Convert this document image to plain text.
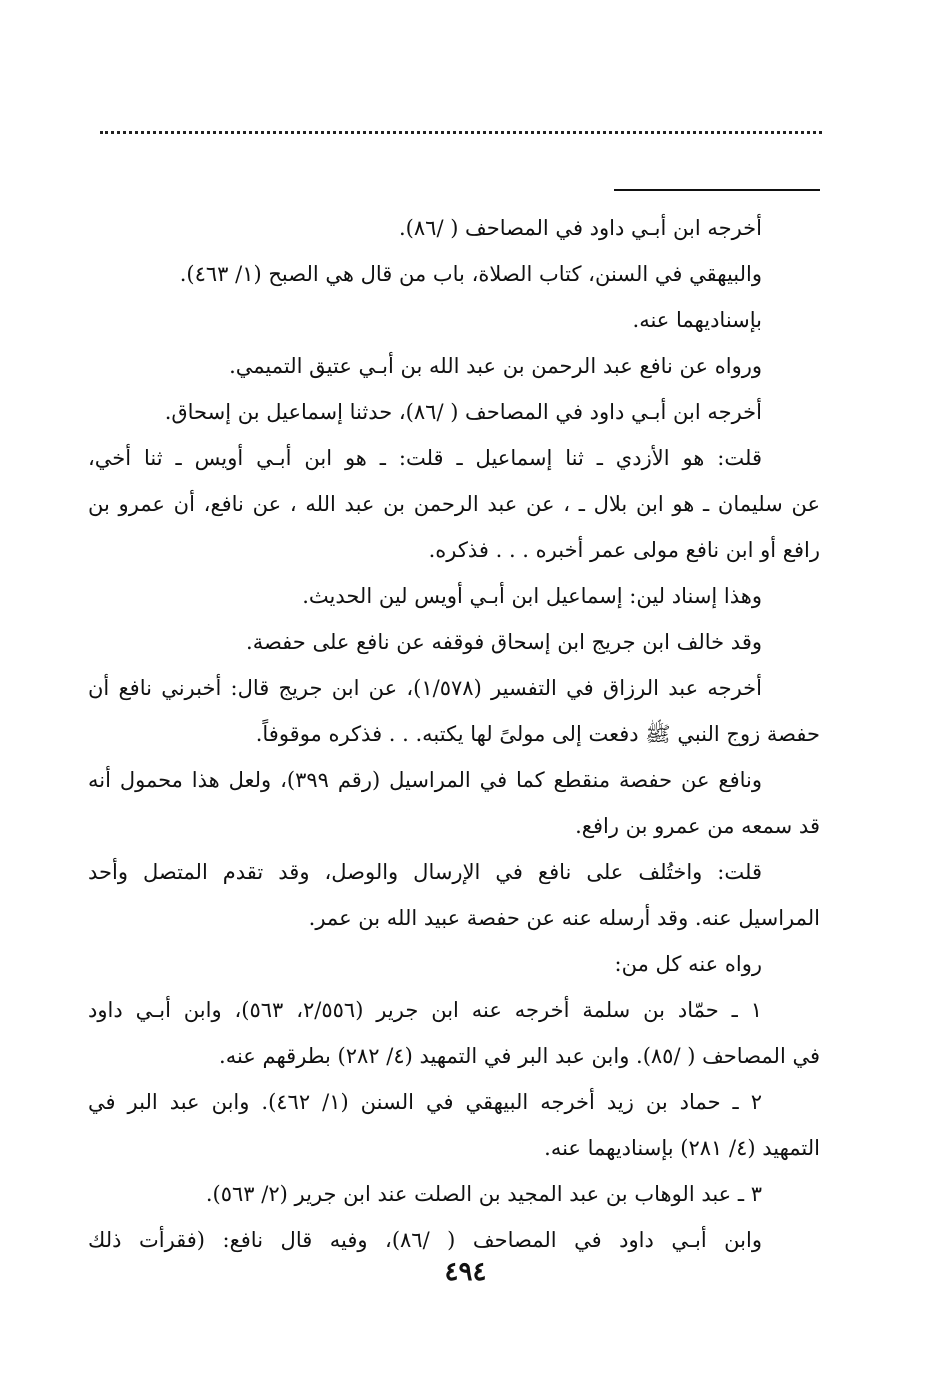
أخرجه ابن أبـي داود في المصاحف ( /٨٦).
والبيهقي في السنن، كتاب الصلاة، باب من قال هي الصبح (١/ ٤٦٣).
بإسناديهما عنه.
ورواه عن نافع عبد الرحمن بن عبد الله بن أبـي عتيق التميمي.
أخرجه ابن أبـي داود في المصاحف ( /٨٦)، حدثنا إسماعيل بن إسحاق.
قلت: هو الأزدي ـ ثنا إسماعيل ـ قلت: ـ هو ابن أبـي أويس ـ ثنا أخي،
عن سليمان ـ هو ابن بلال ـ ، عن عبد الرحمن بن عبد الله ، عن نافع، أن عمرو بن
رافع أو ابن نافع مولى عمر أخبره . . . فذكره.
وهذا إسناد لين: إسماعيل ابن أبـي أويس لين الحديث.
وقد خالف ابن جريج ابن إسحاق فوقفه عن نافع على حفصة.
أخرجه عبد الرزاق في التفسير (١/٥٧٨)، عن ابن جريج قال: أخبرني نافع أن
حفصة زوج النبي ﷺ دفعت إلى مولىً لها يكتبه. . . فذكره موقوفاً.
ونافع عن حفصة منقطع كما في المراسيل (رقم ٣٩٩)، ولعل هذا محمول أنه
قد سمعه من عمرو بن رافع.
قلت: واختُلف على نافع في الإرسال والوصل، وقد تقدم المتصل وأحد
المراسيل عنه. وقد أرسله عنه عن حفصة عبيد الله بن عمر.
رواه عنه كل من:
١ ـ حمّاد بن سلمة أخرجه عنه ابن جرير (٢/٥٥٦، ٥٦٣)، وابن أبـي داود
في المصاحف ( /٨٥). وابن عبد البر في التمهيد (٤/ ٢٨٢) بطرقهم عنه.
٢ ـ حماد بن زيد أخرجه البيهقي في السنن (١/ ٤٦٢). وابن عبد البر في
التمهيد (٤/ ٢٨١) بإسناديهما عنه.
٣ ـ عبد الوهاب بن عبد المجيد بن الصلت عند ابن جرير (٢/ ٥٦٣).
وابن أبـي داود في المصاحف ( /٨٦)، وفيه قال نافع: (فقرأت ذلك
٤٩٤
